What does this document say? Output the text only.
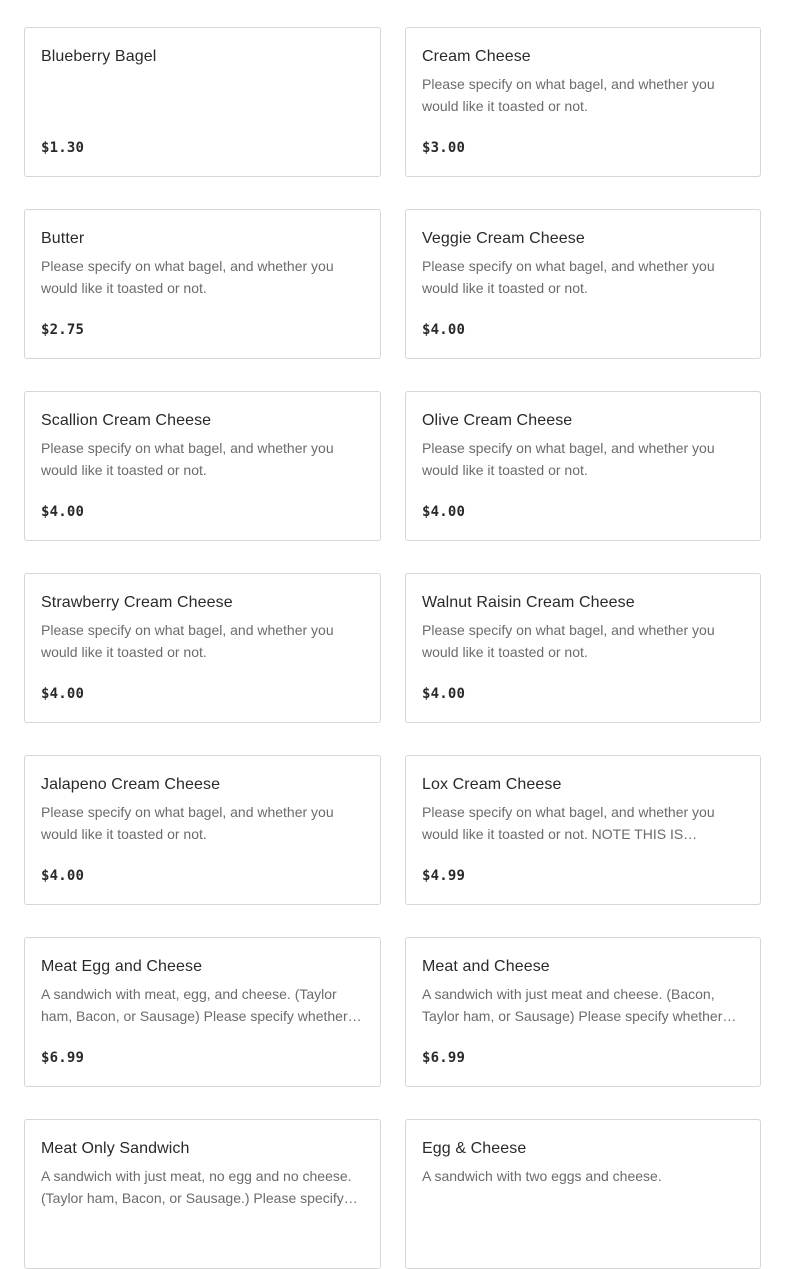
Blueberry Bagel
$1.30
Cream Cheese
Please specify on what bagel, and whether you would like it toasted or not.
$3.00
Butter
Please specify on what bagel, and whether you would like it toasted or not.
$2.75
Veggie Cream Cheese
Please specify on what bagel, and whether you would like it toasted or not.
$4.00
Scallion Cream Cheese
Please specify on what bagel, and whether you would like it toasted or not.
$4.00
Olive Cream Cheese
Please specify on what bagel, and whether you would like it toasted or not.
$4.00
Strawberry Cream Cheese
Please specify on what bagel, and whether you would like it toasted or not.
$4.00
Walnut Raisin Cream Cheese
Please specify on what bagel, and whether you would like it toasted or not.
$4.00
Jalapeno Cream Cheese
Please specify on what bagel, and whether you would like it toasted or not.
$4.00
Lox Cream Cheese
Please specify on what bagel, and whether you would like it toasted or not. NOTE THIS IS…
$4.99
Meat Egg and Cheese
A sandwich with meat, egg, and cheese. (Taylor ham, Bacon, or Sausage) Please specify whether…
$6.99
Meat and Cheese
A sandwich with just meat and cheese. (Bacon, Taylor ham, or Sausage) Please specify whether…
$6.99
Meat Only Sandwich
A sandwich with just meat, no egg and no cheese. (Taylor ham, Bacon, or Sausage.) Please specify…
Egg & Cheese
A sandwich with two eggs and cheese.
